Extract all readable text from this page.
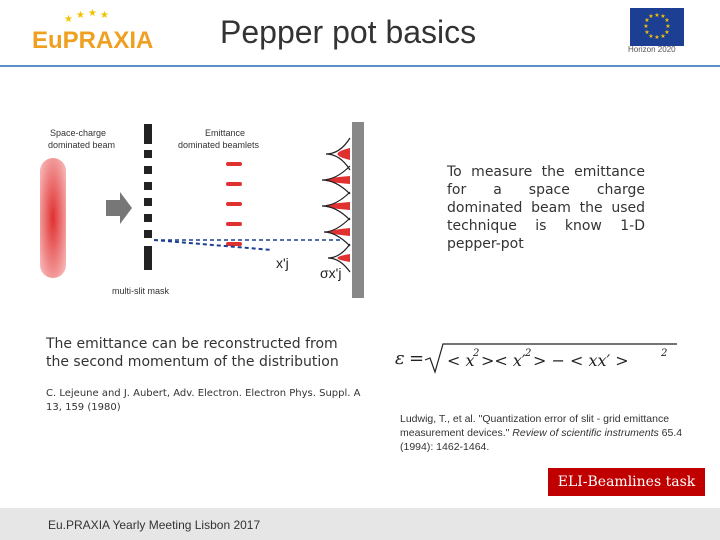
★ ★ ★ ★
EuPRAXIA Pepper pot basics	★ ★
★
★
★
★
★
★
★
★
★
★
Horizon 2020
Space-charge
dominated beam
Emittance
dominated beamlets
x'j
σx'j
multi-slit mask
To measure the emittance for a space charge dominated beam the used technique is know 1-D pepper-pot
The emittance can be reconstructed from the second momentum of the distribution
C. Lejeune and J. Aubert, Adv. Electron. Electron Phys. Suppl. A 13, 159 (1980)
ε = < x
2 >< x′ 2 > − < xx′ >	2
Ludwig, T., et al. "Quantization error of slit - grid emittance measurement devices." Review of scientific instruments 65.4 (1994): 1462-1464.
ELI-Beamlines task
Eu.PRAXIA Yearly Meeting Lisbon 2017
